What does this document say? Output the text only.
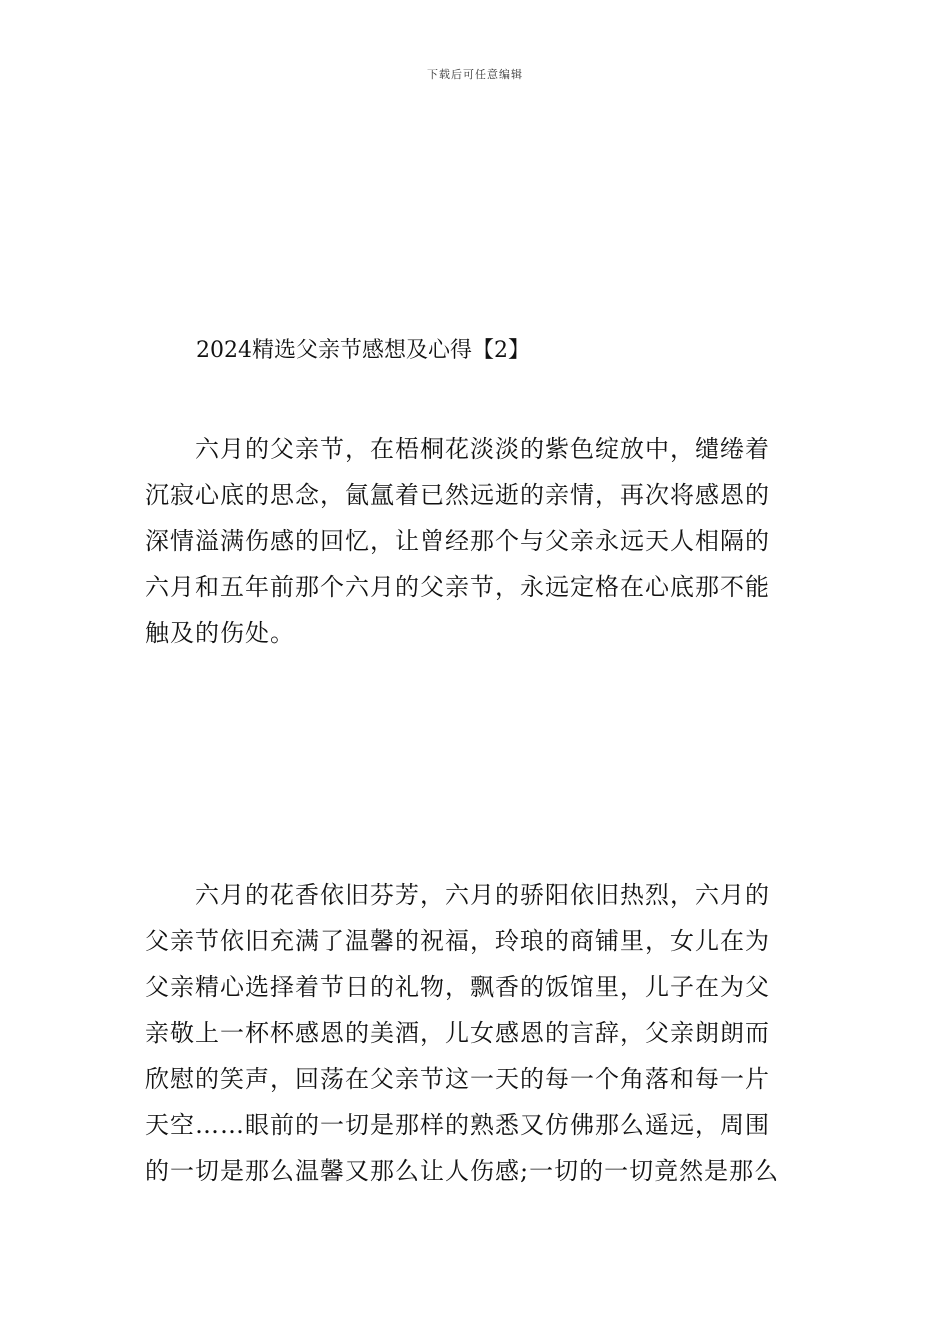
下载后可任意编辑
2024精选父亲节感想及心得【2】

六月的父亲节，在梧桐花淡淡的紫色绽放中，缱绻着
沉寂心底的思念，氤氲着已然远逝的亲情，再次将感恩的
深情溢满伤感的回忆，让曾经那个与父亲永远天人相隔的
六月和五年前那个六月的父亲节，永远定格在心底那不能
触及的伤处。

六月的花香依旧芬芳，六月的骄阳依旧热烈，六月的
父亲节依旧充满了温馨的祝福，玲琅的商铺里，女儿在为
父亲精心选择着节日的礼物，飘香的饭馆里，儿子在为父
亲敬上一杯杯感恩的美酒，儿女感恩的言辞，父亲朗朗而
欣慰的笑声，回荡在父亲节这一天的每一个角落和每一片
天空……眼前的一切是那样的熟悉又仿佛那么遥远，周围
的一切是那么温馨又那么让人伤感;一切的一切竟然是那么
